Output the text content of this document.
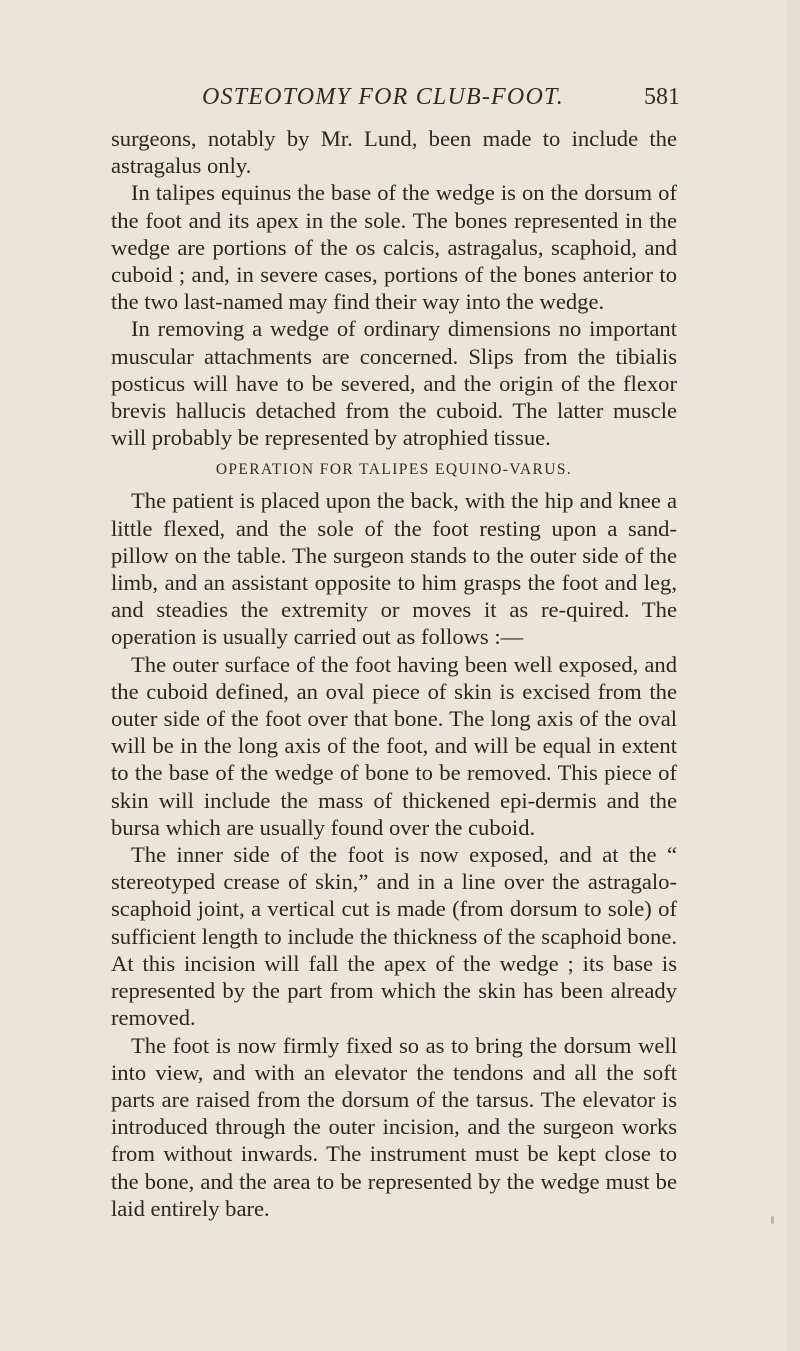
OSTEOTOMY FOR CLUB-FOOT.	581

surgeons, notably by Mr. Lund, been made to include the astragalus only.

In talipes equinus the base of the wedge is on the dorsum of the foot and its apex in the sole. The bones represented in the wedge are portions of the os calcis, astragalus, scaphoid, and cuboid ; and, in severe cases, portions of the bones anterior to the two last-named may find their way into the wedge.

In removing a wedge of ordinary dimensions no important muscular attachments are concerned. Slips from the tibialis posticus will have to be severed, and the origin of the flexor brevis hallucis detached from the cuboid. The latter muscle will probably be represented by atrophied tissue.

OPERATION FOR TALIPES EQUINO-VARUS.

The patient is placed upon the back, with the hip and knee a little flexed, and the sole of the foot resting upon a sand-pillow on the table. The surgeon stands to the outer side of the limb, and an assistant opposite to him grasps the foot and leg, and steadies the extremity or moves it as re-quired. The operation is usually carried out as follows :—

The outer surface of the foot having been well exposed, and the cuboid defined, an oval piece of skin is excised from the outer side of the foot over that bone. The long axis of the oval will be in the long axis of the foot, and will be equal in extent to the base of the wedge of bone to be removed. This piece of skin will include the mass of thickened epi-dermis and the bursa which are usually found over the cuboid.

The inner side of the foot is now exposed, and at the “ stereotyped crease of skin,” and in a line over the astragalo-scaphoid joint, a vertical cut is made (from dorsum to sole) of sufficient length to include the thickness of the scaphoid bone. At this incision will fall the apex of the wedge ; its base is represented by the part from which the skin has been already removed.

The foot is now firmly fixed so as to bring the dorsum well into view, and with an elevator the tendons and all the soft parts are raised from the dorsum of the tarsus. The elevator is introduced through the outer incision, and the surgeon works from without inwards. The instrument must be kept close to the bone, and the area to be represented by the wedge must be laid entirely bare.
